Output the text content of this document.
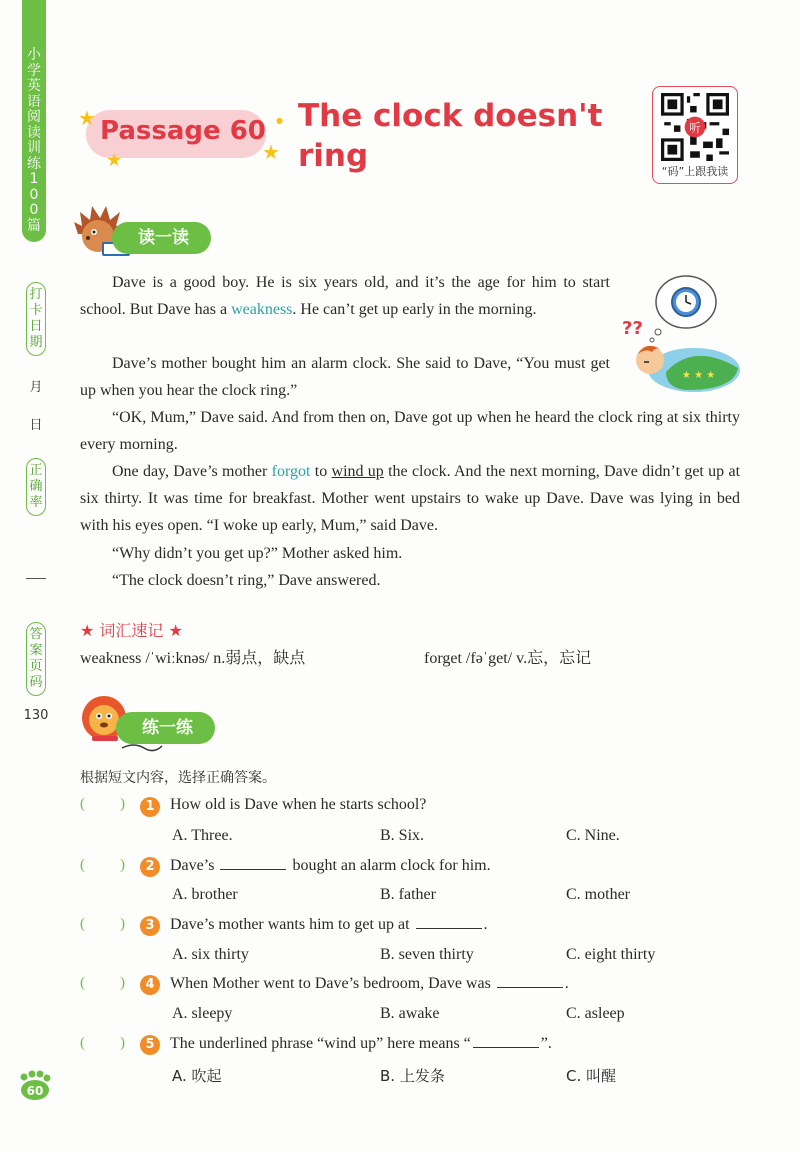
小学英语阅读训练100篇
打卡日期
月
日
正确率
答案页码
130
Passage 60
★
★	★
● The clock doesn't ring
听
“码”上跟我读
读一读
??
★ ★ ★
Dave is a good boy. He is six years old, and it’s the age for him to start school. But Dave has a weakness. He can’t get up early in the morning.
Dave’s mother bought him an alarm clock. She said to Dave, “You must get up when you hear the clock ring.”
“OK, Mum,” Dave said. And from then on, Dave got up when he heard the clock ring at six thirty every morning.
One day, Dave’s mother forgot to wind up the clock. And the next morning, Dave didn’t get up at six thirty. It was time for breakfast. Mother went upstairs to wake up Dave. Dave was lying in bed with his eyes open. “I woke up early, Mum,” said Dave.
“Why didn’t you get up?” Mother asked him.
“The clock doesn’t ring,” Dave answered.
★ 词汇速记 ★
weakness /ˈwiːknəs/ n.弱点，缺点	forget /fəˈget/ v.忘，忘记
练一练
根据短文内容，选择正确答案。
( )	1 How old is Dave when he starts school?
A. Three.	B. Six.	C. Nine.
( )	2 Dave’s	bought an alarm clock for him.
A. brother	B. father	C. mother
( )	3 Dave’s mother wants him to get up at	.
A. six thirty	B. seven thirty	C. eight thirty
( )	4 When Mother went to Dave’s bedroom, Dave was	.
A. sleepy	B. awake	C. asleep
( )	5 The underlined phrase “wind up” here means “	”.
A. 吹起	B. 上发条	C. 叫醒
60
